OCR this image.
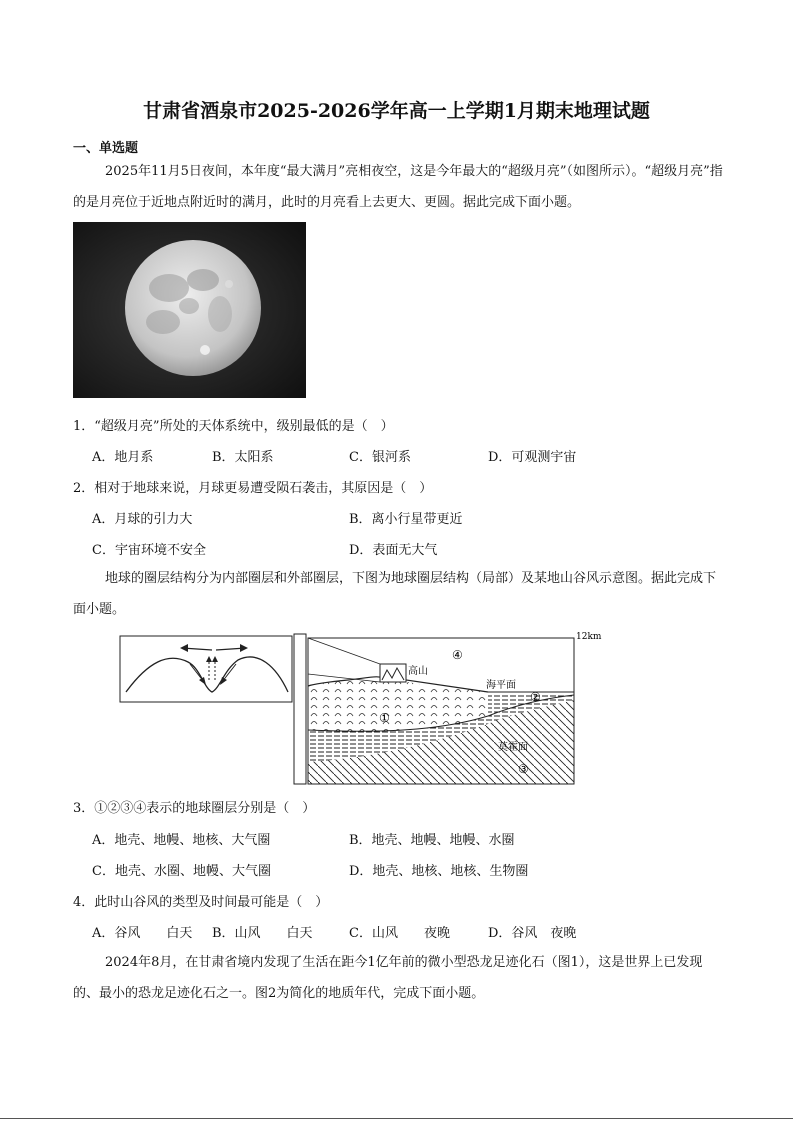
甘肃省酒泉市2025-2026学年高一上学期1月期末地理试题
一、单选题
2025年11月5日夜间，本年度“最大满月”亮相夜空，这是今年最大的“超级月亮”（如图所示）。“超级月亮”指的是月亮位于近地点附近时的满月，此时的月亮看上去更大、更圆。据此完成下面小题。
1．“超级月亮”所处的天体系统中，级别最低的是（　）
A．地月系	B．太阳系	C．银河系	D．可观测宇宙
2．相对于地球来说，月球更易遭受陨石袭击，其原因是（　）
A．月球的引力大	B．离小行星带更近
C．宇宙环境不安全	D．表面无大气
地球的圈层结构分为内部圈层和外部圈层，下图为地球圈层结构（局部）及某地山谷风示意图。据此完成下面小题。
12km
高山
海平面
莫霍面
①
②
③
④
3．①②③④表示的地球圈层分别是（　）
A．地壳、地幔、地核、大气圈	B．地壳、地幔、地幔、水圈
C．地壳、水圈、地幔、大气圈	D．地壳、地核、地核、生物圈
4．此时山谷风的类型及时间最可能是（　）
A．谷风　　白天 B．山风　　白天	C．山风　　夜晚	D．谷风　夜晚
2024年8月，在甘肃省境内发现了生活在距今1亿年前的微小型恐龙足迹化石（图1），这是世界上已发现的、最小的恐龙足迹化石之一。图2为简化的地质年代，完成下面小题。
